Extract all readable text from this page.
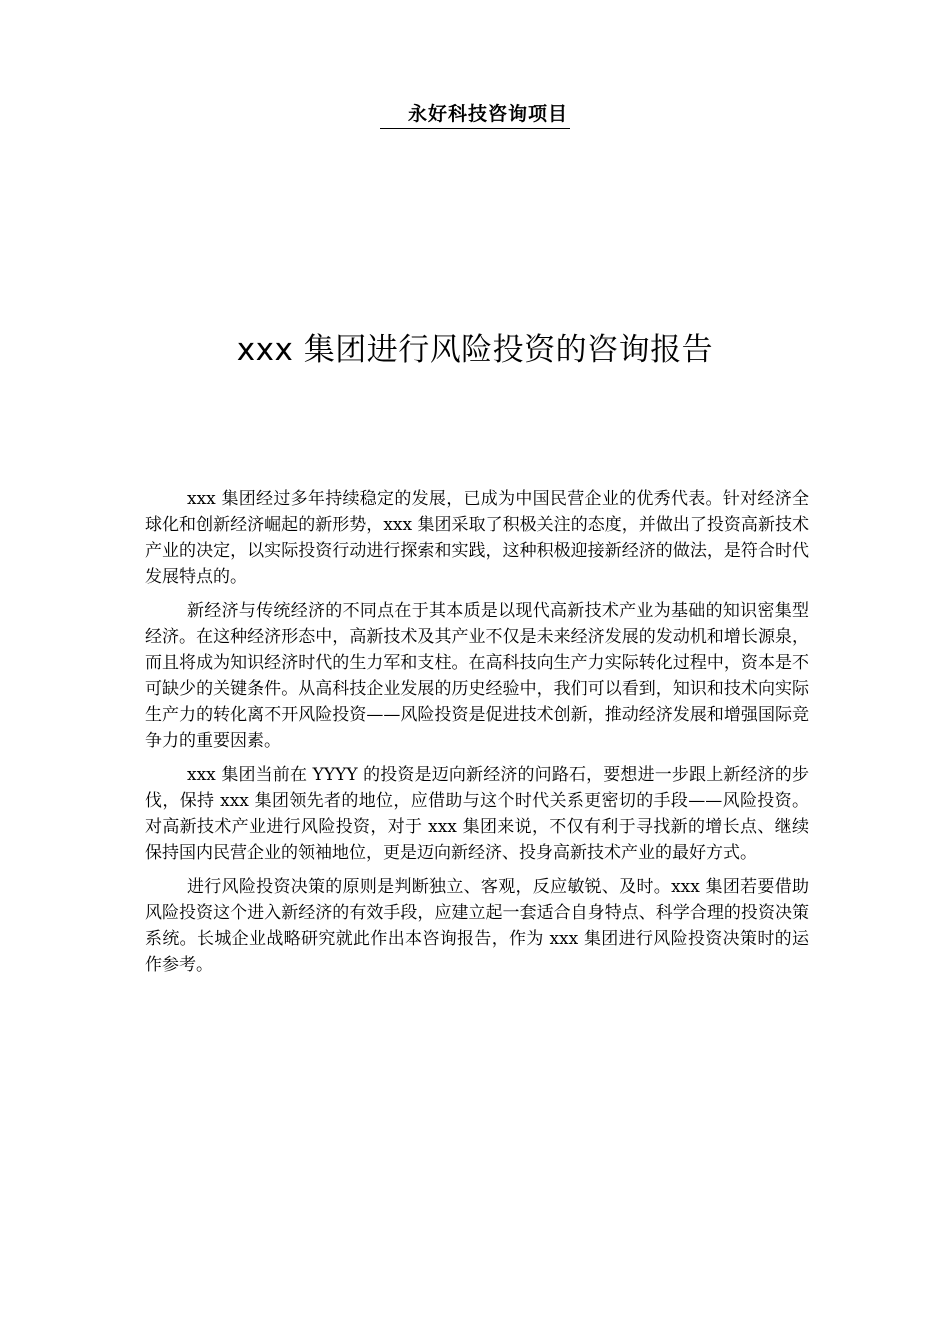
永好科技咨询项目
xxx 集团进行风险投资的咨询报告

xxx 集团经过多年持续稳定的发展，已成为中国民营企业的优秀代表。针对经济全球化和创新经济崛起的新形势，xxx 集团采取了积极关注的态度，并做出了投资高新技术产业的决定，以实际投资行动进行探索和实践，这种积极迎接新经济的做法，是符合时代发展特点的。

新经济与传统经济的不同点在于其本质是以现代高新技术产业为基础的知识密集型经济。在这种经济形态中，高新技术及其产业不仅是未来经济发展的发动机和增长源泉，而且将成为知识经济时代的生力军和支柱。在高科技向生产力实际转化过程中，资本是不可缺少的关键条件。从高科技企业发展的历史经验中，我们可以看到，知识和技术向实际生产力的转化离不开风险投资——风险投资是促进技术创新，推动经济发展和增强国际竞争力的重要因素。

xxx 集团当前在 YYYY 的投资是迈向新经济的问路石，要想进一步跟上新经济的步伐，保持 xxx 集团领先者的地位，应借助与这个时代关系更密切的手段——风险投资。对高新技术产业进行风险投资，对于 xxx 集团来说，不仅有利于寻找新的增长点、继续保持国内民营企业的领袖地位，更是迈向新经济、投身高新技术产业的最好方式。

进行风险投资决策的原则是判断独立、客观，反应敏锐、及时。xxx 集团若要借助风险投资这个进入新经济的有效手段，应建立起一套适合自身特点、科学合理的投资决策系统。长城企业战略研究就此作出本咨询报告，作为 xxx 集团进行风险投资决策时的运作参考。
